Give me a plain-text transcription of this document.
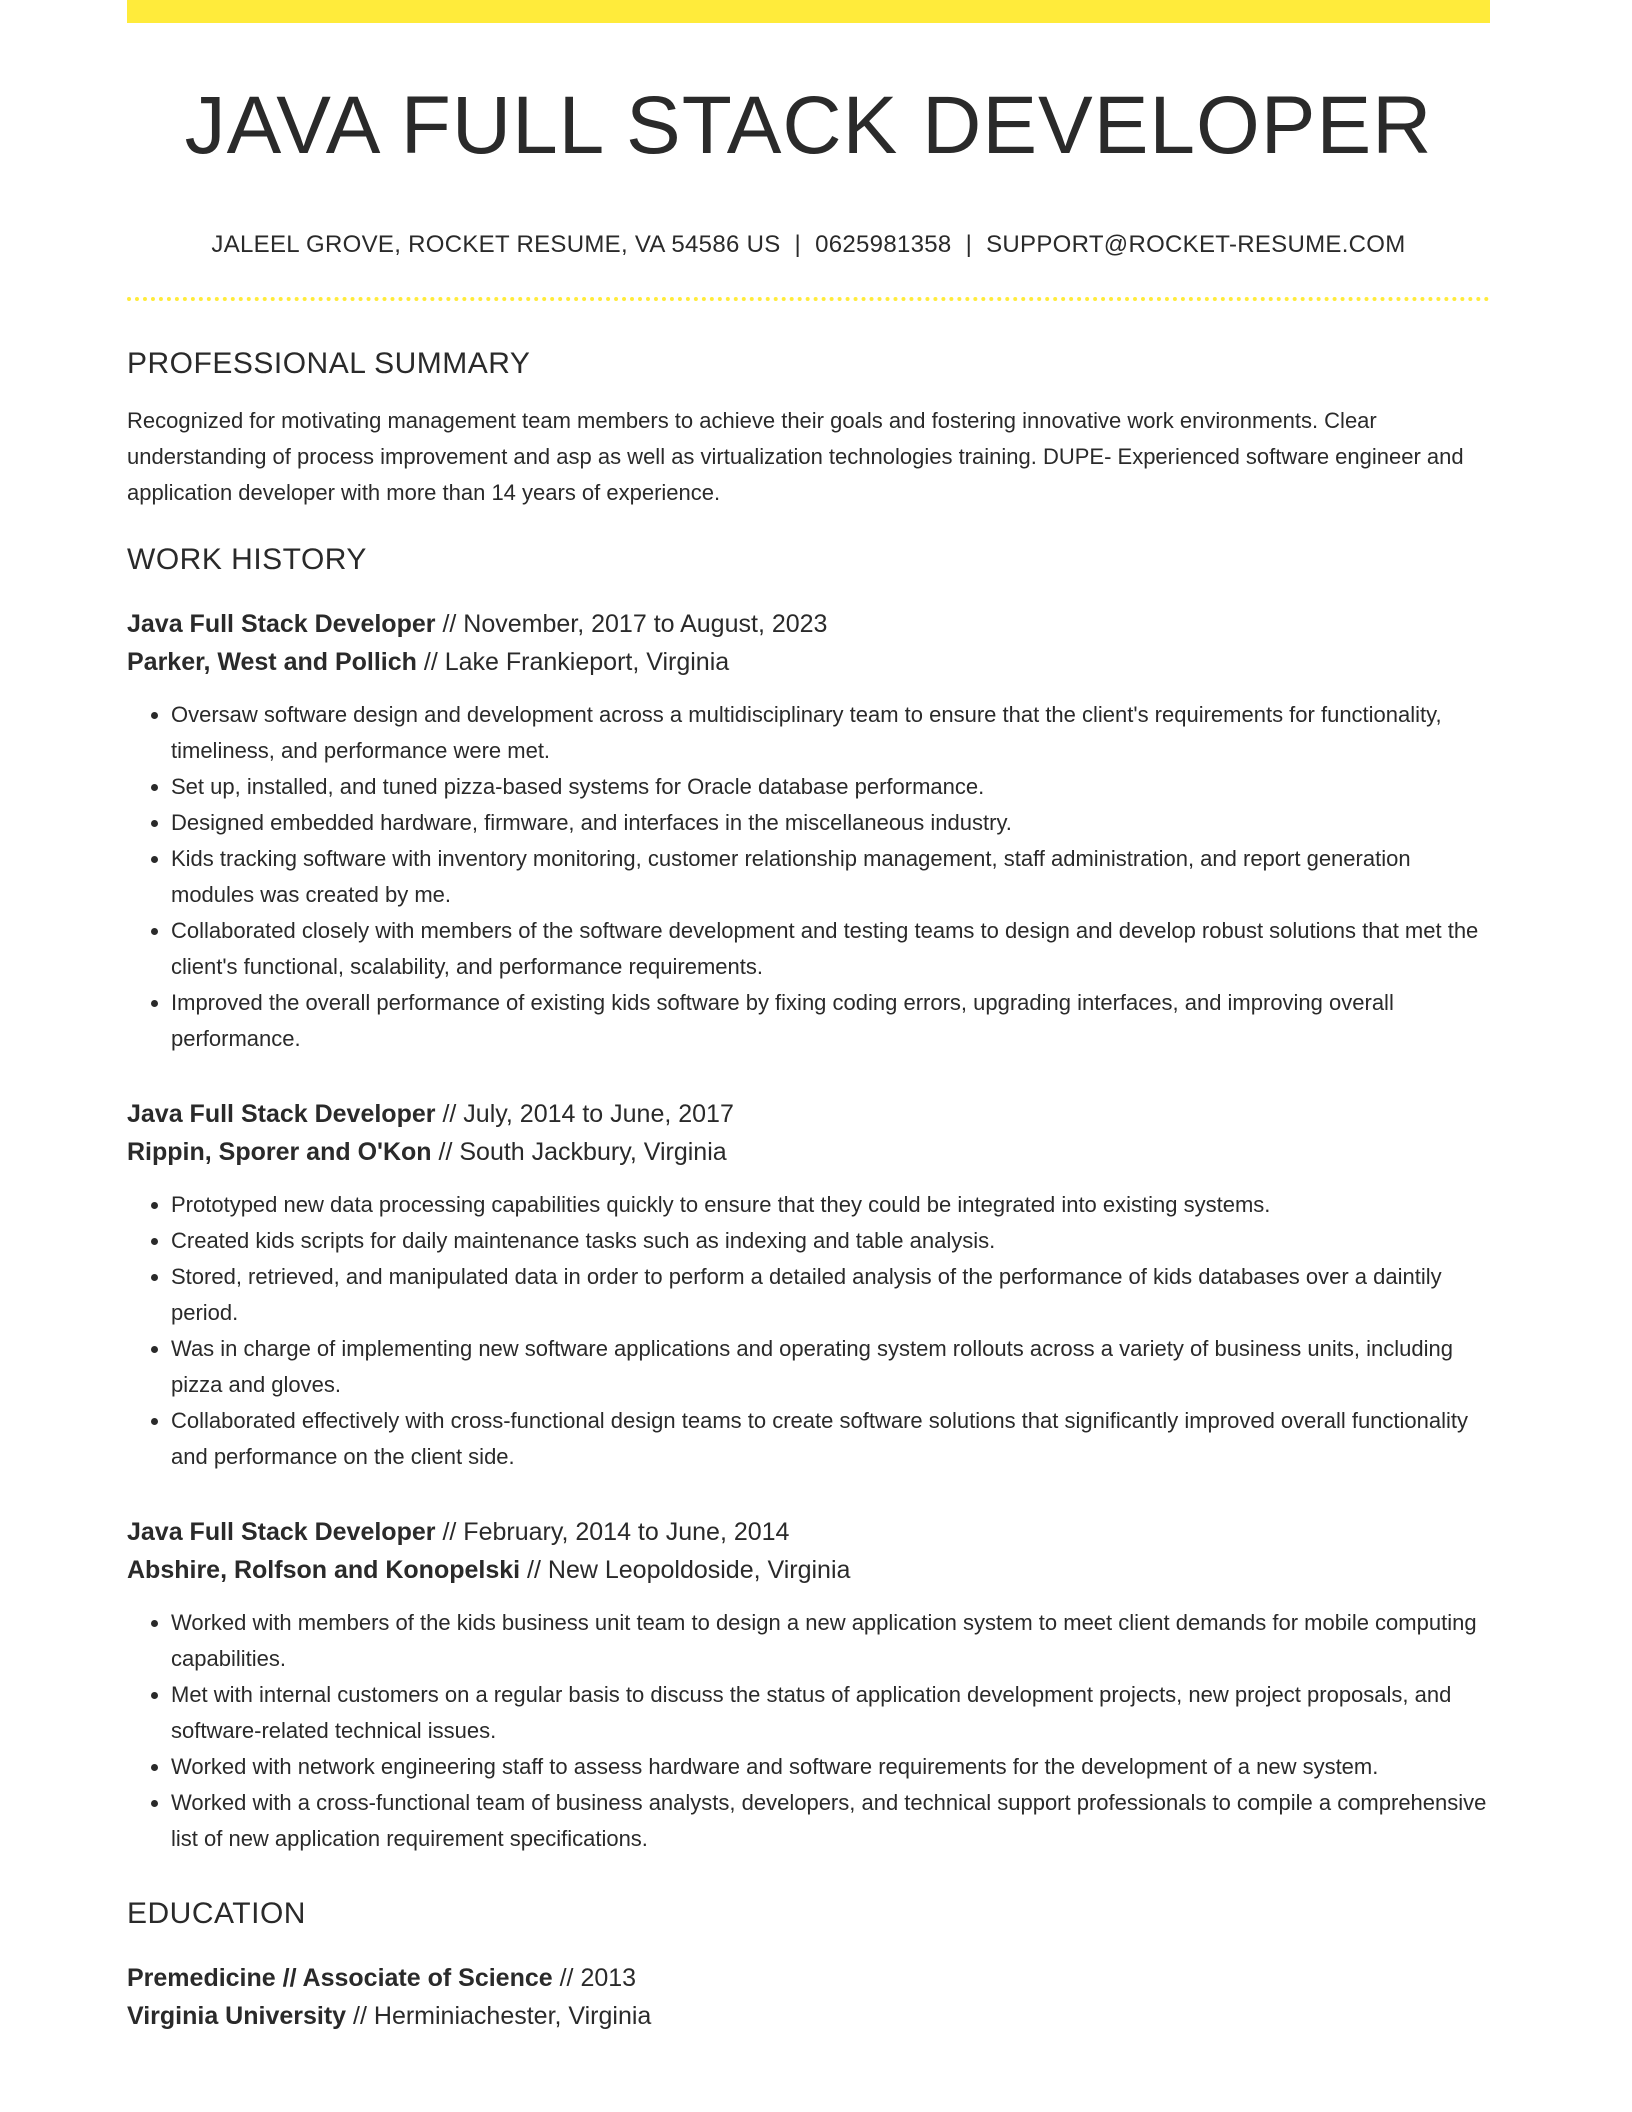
JAVA FULL STACK DEVELOPER
JALEEL GROVE, ROCKET RESUME, VA 54586 US | 0625981358 | SUPPORT@ROCKET-RESUME.COM
PROFESSIONAL SUMMARY

Recognized for motivating management team members to achieve their goals and fostering innovative work environments. Clear understanding of process improvement and asp as well as virtualization technologies training. DUPE- Experienced software engineer and application developer with more than 14 years of experience.

WORK HISTORY
Java Full Stack Developer // November, 2017 to August, 2023
Parker, West and Pollich // Lake Frankieport, Virginia
• Oversaw software design and development across a multidisciplinary team to ensure that the client's requirements for functionality, timeliness, and performance were met.
• Set up, installed, and tuned pizza-based systems for Oracle database performance.
• Designed embedded hardware, firmware, and interfaces in the miscellaneous industry.
• Kids tracking software with inventory monitoring, customer relationship management, staff administration, and report generation modules was created by me.
• Collaborated closely with members of the software development and testing teams to design and develop robust solutions that met the client's functional, scalability, and performance requirements.
• Improved the overall performance of existing kids software by fixing coding errors, upgrading interfaces, and improving overall performance.
Java Full Stack Developer // July, 2014 to June, 2017
Rippin, Sporer and O'Kon // South Jackbury, Virginia
• Prototyped new data processing capabilities quickly to ensure that they could be integrated into existing systems.
• Created kids scripts for daily maintenance tasks such as indexing and table analysis.
• Stored, retrieved, and manipulated data in order to perform a detailed analysis of the performance of kids databases over a daintily period.
• Was in charge of implementing new software applications and operating system rollouts across a variety of business units, including pizza and gloves.
• Collaborated effectively with cross-functional design teams to create software solutions that significantly improved overall functionality and performance on the client side.
Java Full Stack Developer // February, 2014 to June, 2014
Abshire, Rolfson and Konopelski // New Leopoldoside, Virginia
• Worked with members of the kids business unit team to design a new application system to meet client demands for mobile computing capabilities.
• Met with internal customers on a regular basis to discuss the status of application development projects, new project proposals, and software-related technical issues.
• Worked with network engineering staff to assess hardware and software requirements for the development of a new system.
• Worked with a cross-functional team of business analysts, developers, and technical support professionals to compile a comprehensive list of new application requirement specifications.
EDUCATION
Premedicine // Associate of Science // 2013
Virginia University // Herminiachester, Virginia
